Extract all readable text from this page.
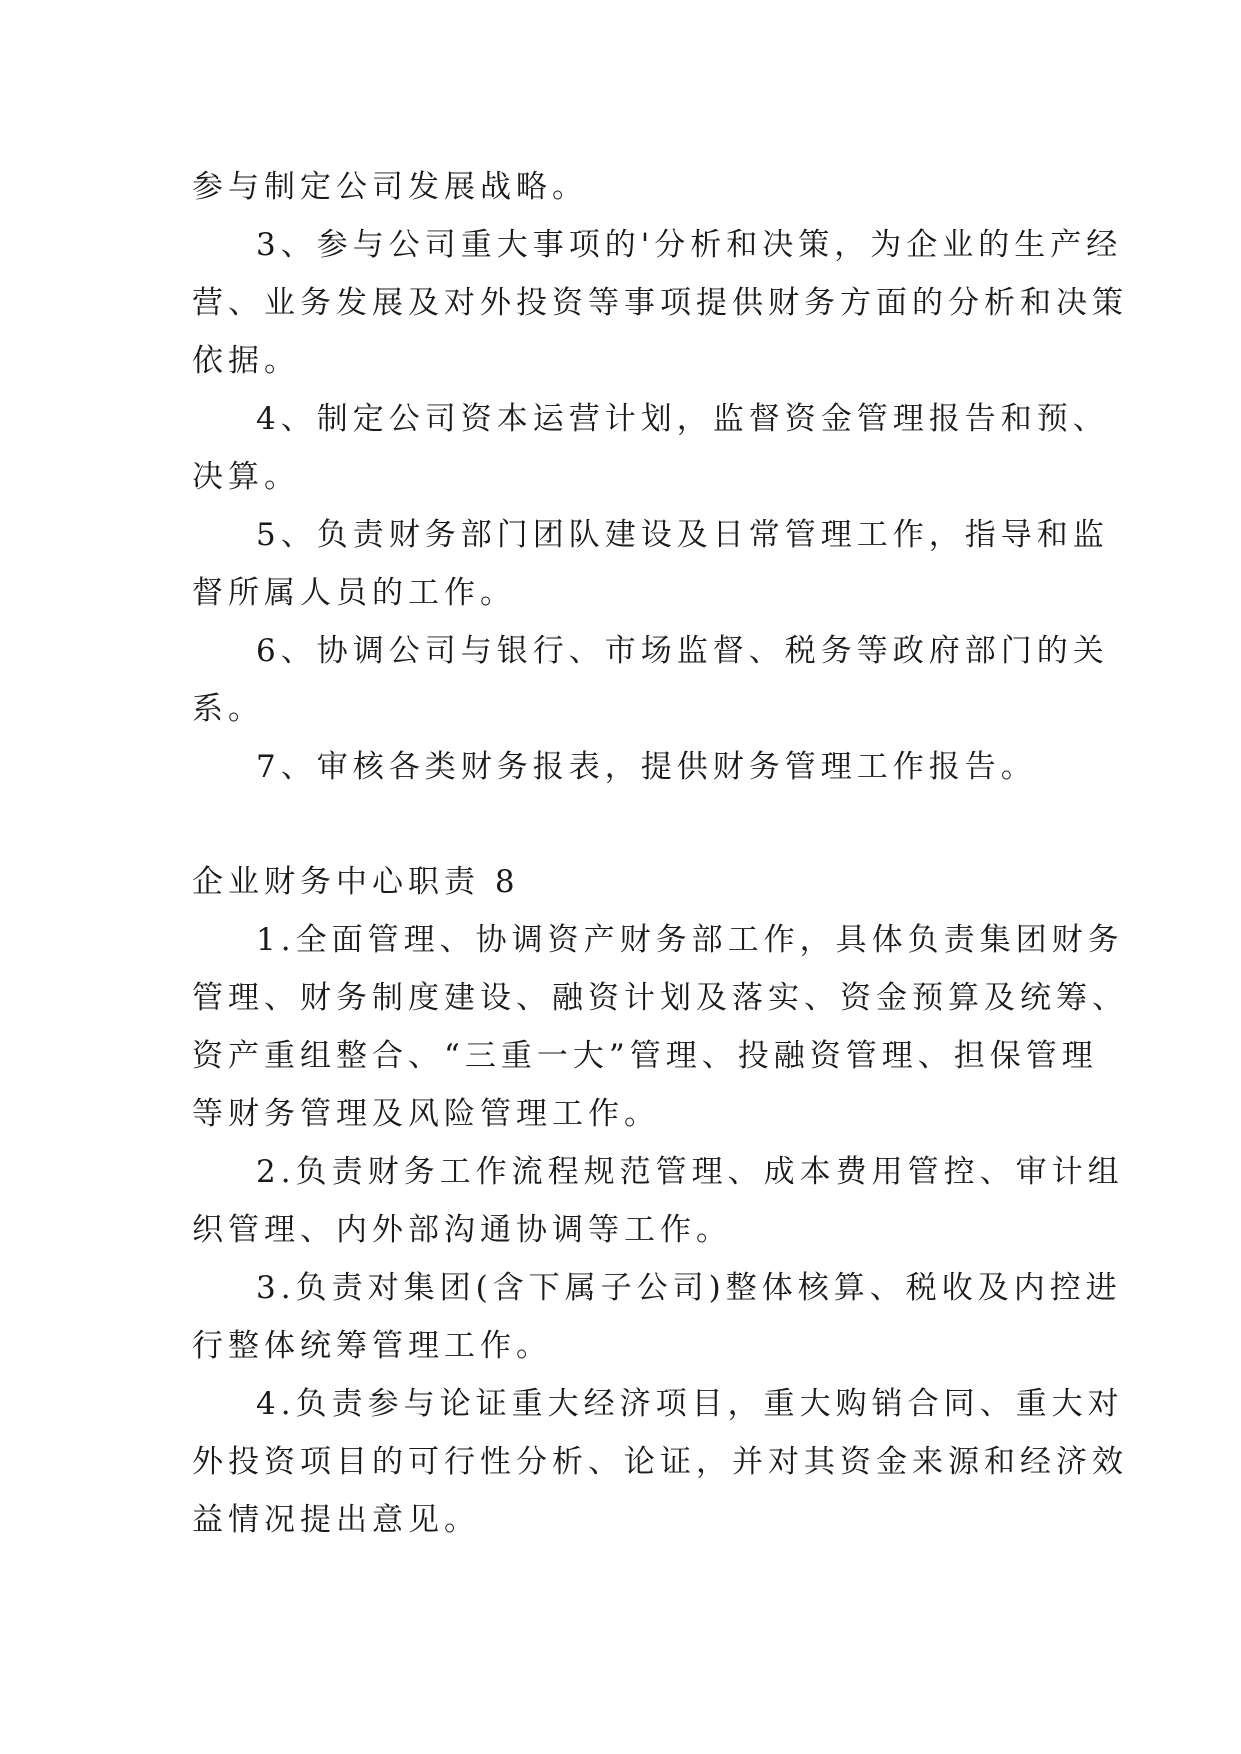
参与制定公司发展战略。
3、参与公司重大事项的'分析和决策，为企业的生产经
营、业务发展及对外投资等事项提供财务方面的分析和决策
依据。
4、制定公司资本运营计划，监督资金管理报告和预、
决算。
5、负责财务部门团队建设及日常管理工作，指导和监
督所属人员的工作。
6、协调公司与银行、市场监督、税务等政府部门的关
系。
7、审核各类财务报表，提供财务管理工作报告。
企业财务中心职责 8
1.全面管理、协调资产财务部工作，具体负责集团财务
管理、财务制度建设、融资计划及落实、资金预算及统筹、
资产重组整合、“三重一大”管理、投融资管理、担保管理
等财务管理及风险管理工作。
2.负责财务工作流程规范管理、成本费用管控、审计组
织管理、内外部沟通协调等工作。
3.负责对集团(含下属子公司)整体核算、税收及内控进
行整体统筹管理工作。
4.负责参与论证重大经济项目，重大购销合同、重大对
外投资项目的可行性分析、论证，并对其资金来源和经济效
益情况提出意见。
